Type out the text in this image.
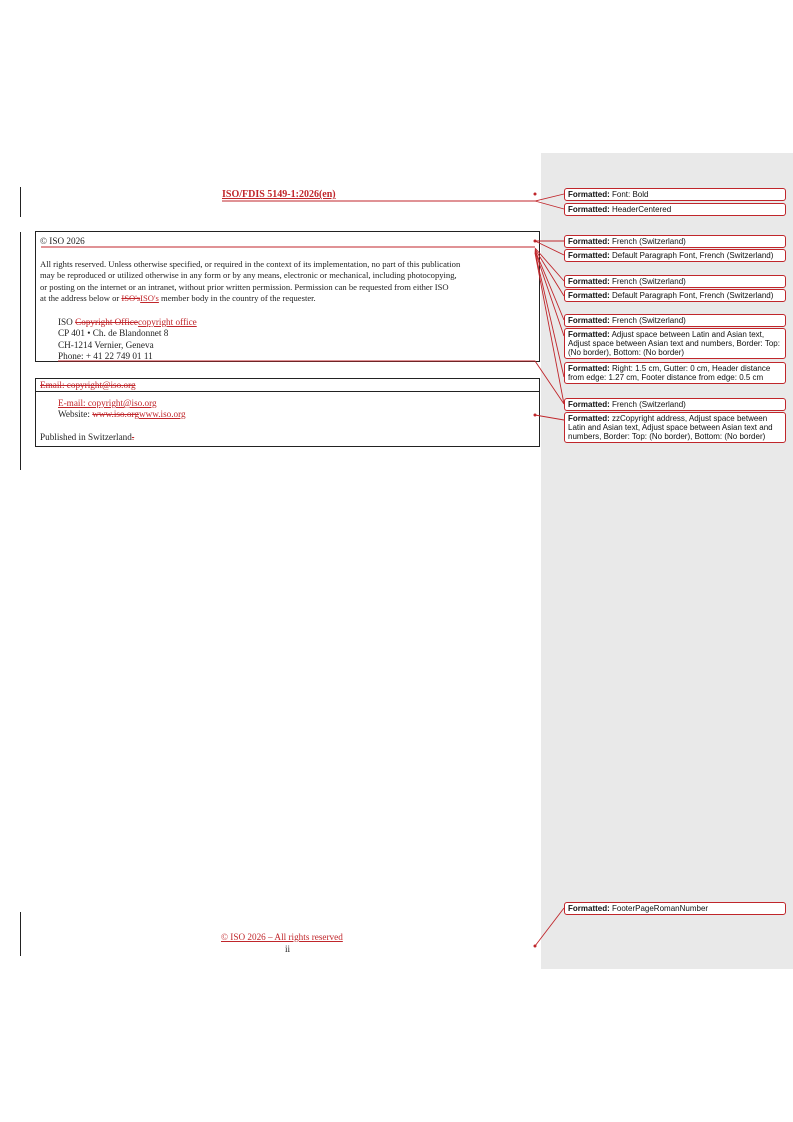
ISO/FDIS 5149-1:2026(en)
© ISO 2026
All rights reserved. Unless otherwise specified, or required in the context of its implementation, no part of this publication
may be reproduced or utilized otherwise in any form or by any means, electronic or mechanical, including photocopying,
or posting on the internet or an intranet, without prior written permission. Permission can be requested from either ISO
at the address below or ISO'sISO's member body in the country of the requester.
ISO Copyright Officecopyright office
CP 401 • Ch. de Blandonnet 8
CH-1214 Vernier, Geneva
Phone: + 41 22 749 01 11
Email: copyright@iso.org
E-mail: copyright@iso.org
Website: www.iso.orgwww.iso.org
Published in Switzerland.
© ISO 2026 – All rights reserved
ii
Formatted: Font: Bold
Formatted: HeaderCentered
Formatted: French (Switzerland)
Formatted: Default Paragraph Font, French (Switzerland)
Formatted: French (Switzerland)
Formatted: Default Paragraph Font, French (Switzerland)
Formatted: French (Switzerland)
Formatted: Adjust space between Latin and Asian text, Adjust space between Asian text and numbers, Border: Top: (No border), Bottom: (No border)
Formatted: Right: 1.5 cm, Gutter: 0 cm, Header distance from edge: 1.27 cm, Footer distance from edge: 0.5 cm
Formatted: French (Switzerland)
Formatted: zzCopyright address, Adjust space between Latin and Asian text, Adjust space between Asian text and numbers, Border: Top: (No border), Bottom: (No border)
Formatted: FooterPageRomanNumber
